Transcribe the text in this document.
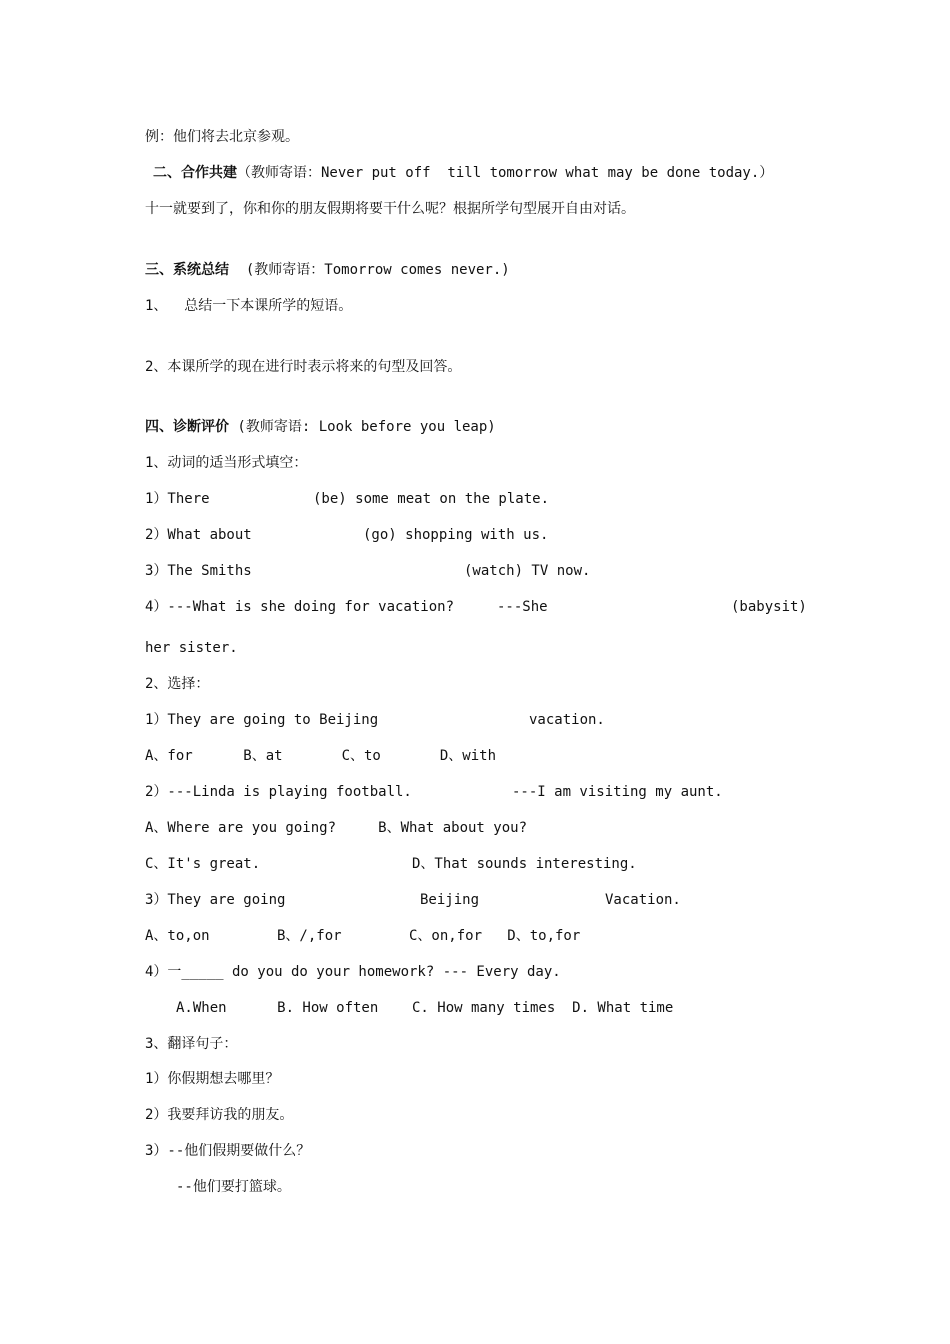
例：他们将去北京参观。
二、合作共建（教师寄语：Never put off  till tomorrow what may be done today.）
十一就要到了，你和你的朋友假期将要干什么呢？根据所学句型展开自由对话。
三、系统总结  (教师寄语：Tomorrow comes never.)
1、  总结一下本课所学的短语。
2、本课所学的现在进行时表示将来的句型及回答。
四、诊断评价 (教师寄语: Look before you leap)
1、动词的适当形式填空：
1）There	(be) some meat on the plate.
2）What about	(go) shopping with us.
3）The Smiths	(watch) TV now.
4）---What is she doing for vacation?	---She	(babysit)
her sister.
2、选择：
1）They are going to Beijing	vacation.
A、for      B、at       C、to       D、with
2）---Linda is playing football.	---I am visiting my aunt.
A、Where are you going?     B、What about you?
C、It's great.	D、That sounds interesting.
3）They are going	Beijing	Vacation.
A、to,on        B、/,for        C、on,for   D、to,for
4）一_____ do you do your homework? --- Every day.
A.When      B. How often    C. How many times  D. What time
3、翻译句子：
1）你假期想去哪里？
2）我要拜访我的朋友。
3）--他们假期要做什么？
--他们要打篮球。
